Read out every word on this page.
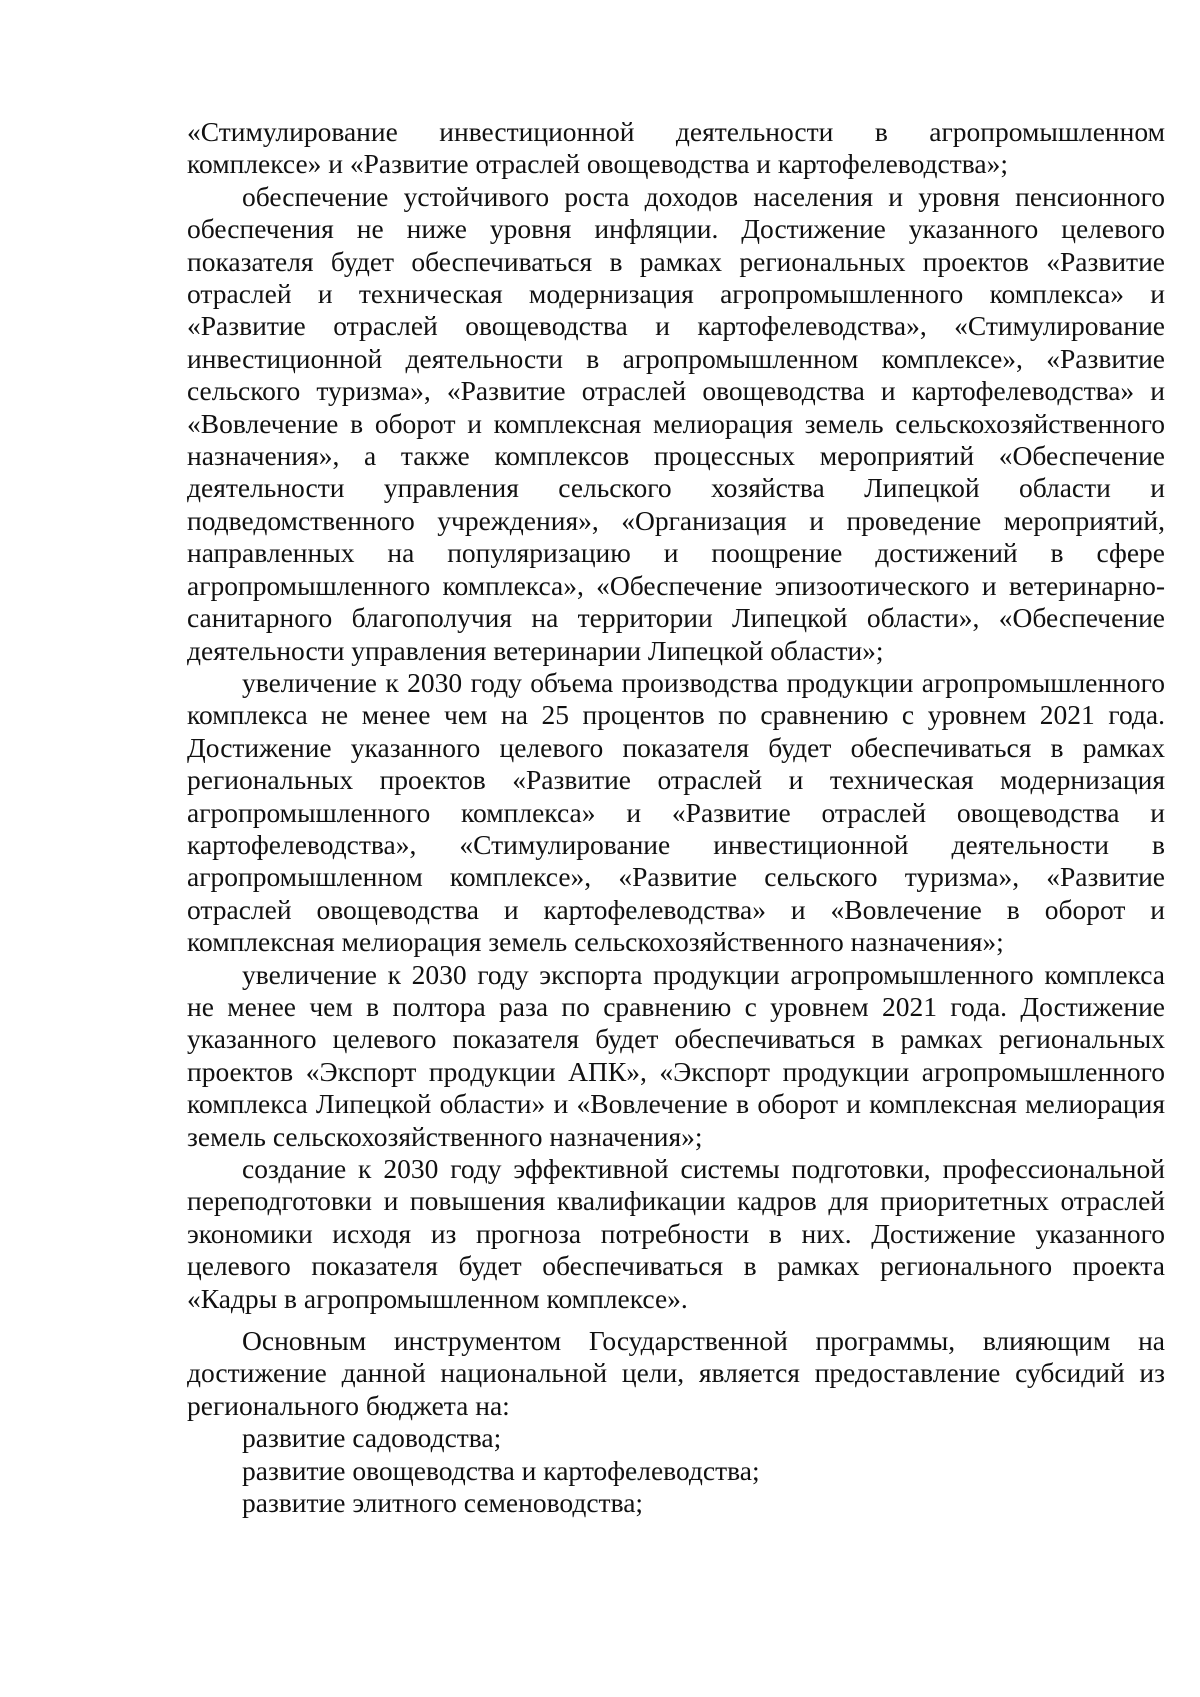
«Стимулирование инвестиционной деятельности в агропромышленном комплексе» и «Развитие отраслей овощеводства и картофелеводства»;

обеспечение устойчивого роста доходов населения и уровня пенсионного обеспечения не ниже уровня инфляции. Достижение указанного целевого показателя будет обеспечиваться в рамках региональных проектов «Развитие отраслей и техническая модернизация агропромышленного комплекса» и «Развитие отраслей овощеводства и картофелеводства», «Стимулирование инвестиционной деятельности в агропромышленном комплексе», «Развитие сельского туризма», «Развитие отраслей овощеводства и картофелеводства» и «Вовлечение в оборот и комплексная мелиорация земель сельскохозяйственного назначения», а также комплексов процессных мероприятий «Обеспечение деятельности управления сельского хозяйства Липецкой области и подведомственного учреждения», «Организация и проведение мероприятий, направленных на популяризацию и поощрение достижений в сфере агропромышленного комплекса», «Обеспечение эпизоотического и ветеринарно-санитарного благополучия на территории Липецкой области», «Обеспечение деятельности управления ветеринарии Липецкой области»;

увеличение к 2030 году объема производства продукции агропромышленного комплекса не менее чем на 25 процентов по сравнению с уровнем 2021 года. Достижение указанного целевого показателя будет обеспечиваться в рамках региональных проектов «Развитие отраслей и техническая модернизация агропромышленного комплекса» и «Развитие отраслей овощеводства и картофелеводства», «Стимулирование инвестиционной деятельности в агропромышленном комплексе», «Развитие сельского туризма», «Развитие отраслей овощеводства и картофелеводства» и «Вовлечение в оборот и комплексная мелиорация земель сельскохозяйственного назначения»;

увеличение к 2030 году экспорта продукции агропромышленного комплекса не менее чем в полтора раза по сравнению с уровнем 2021 года. Достижение указанного целевого показателя будет обеспечиваться в рамках региональных проектов «Экспорт продукции АПК», «Экспорт продукции агропромышленного комплекса Липецкой области» и «Вовлечение в оборот и комплексная мелиорация земель сельскохозяйственного назначения»;

создание к 2030 году эффективной системы подготовки, профессиональной переподготовки и повышения квалификации кадров для приоритетных отраслей экономики исходя из прогноза потребности в них. Достижение указанного целевого показателя будет обеспечиваться в рамках регионального проекта «Кадры в агропромышленном комплексе».

Основным инструментом Государственной программы, влияющим на достижение данной национальной цели, является предоставление субсидий из регионального бюджета на:

развитие садоводства;

развитие овощеводства и картофелеводства;

развитие элитного семеноводства;
